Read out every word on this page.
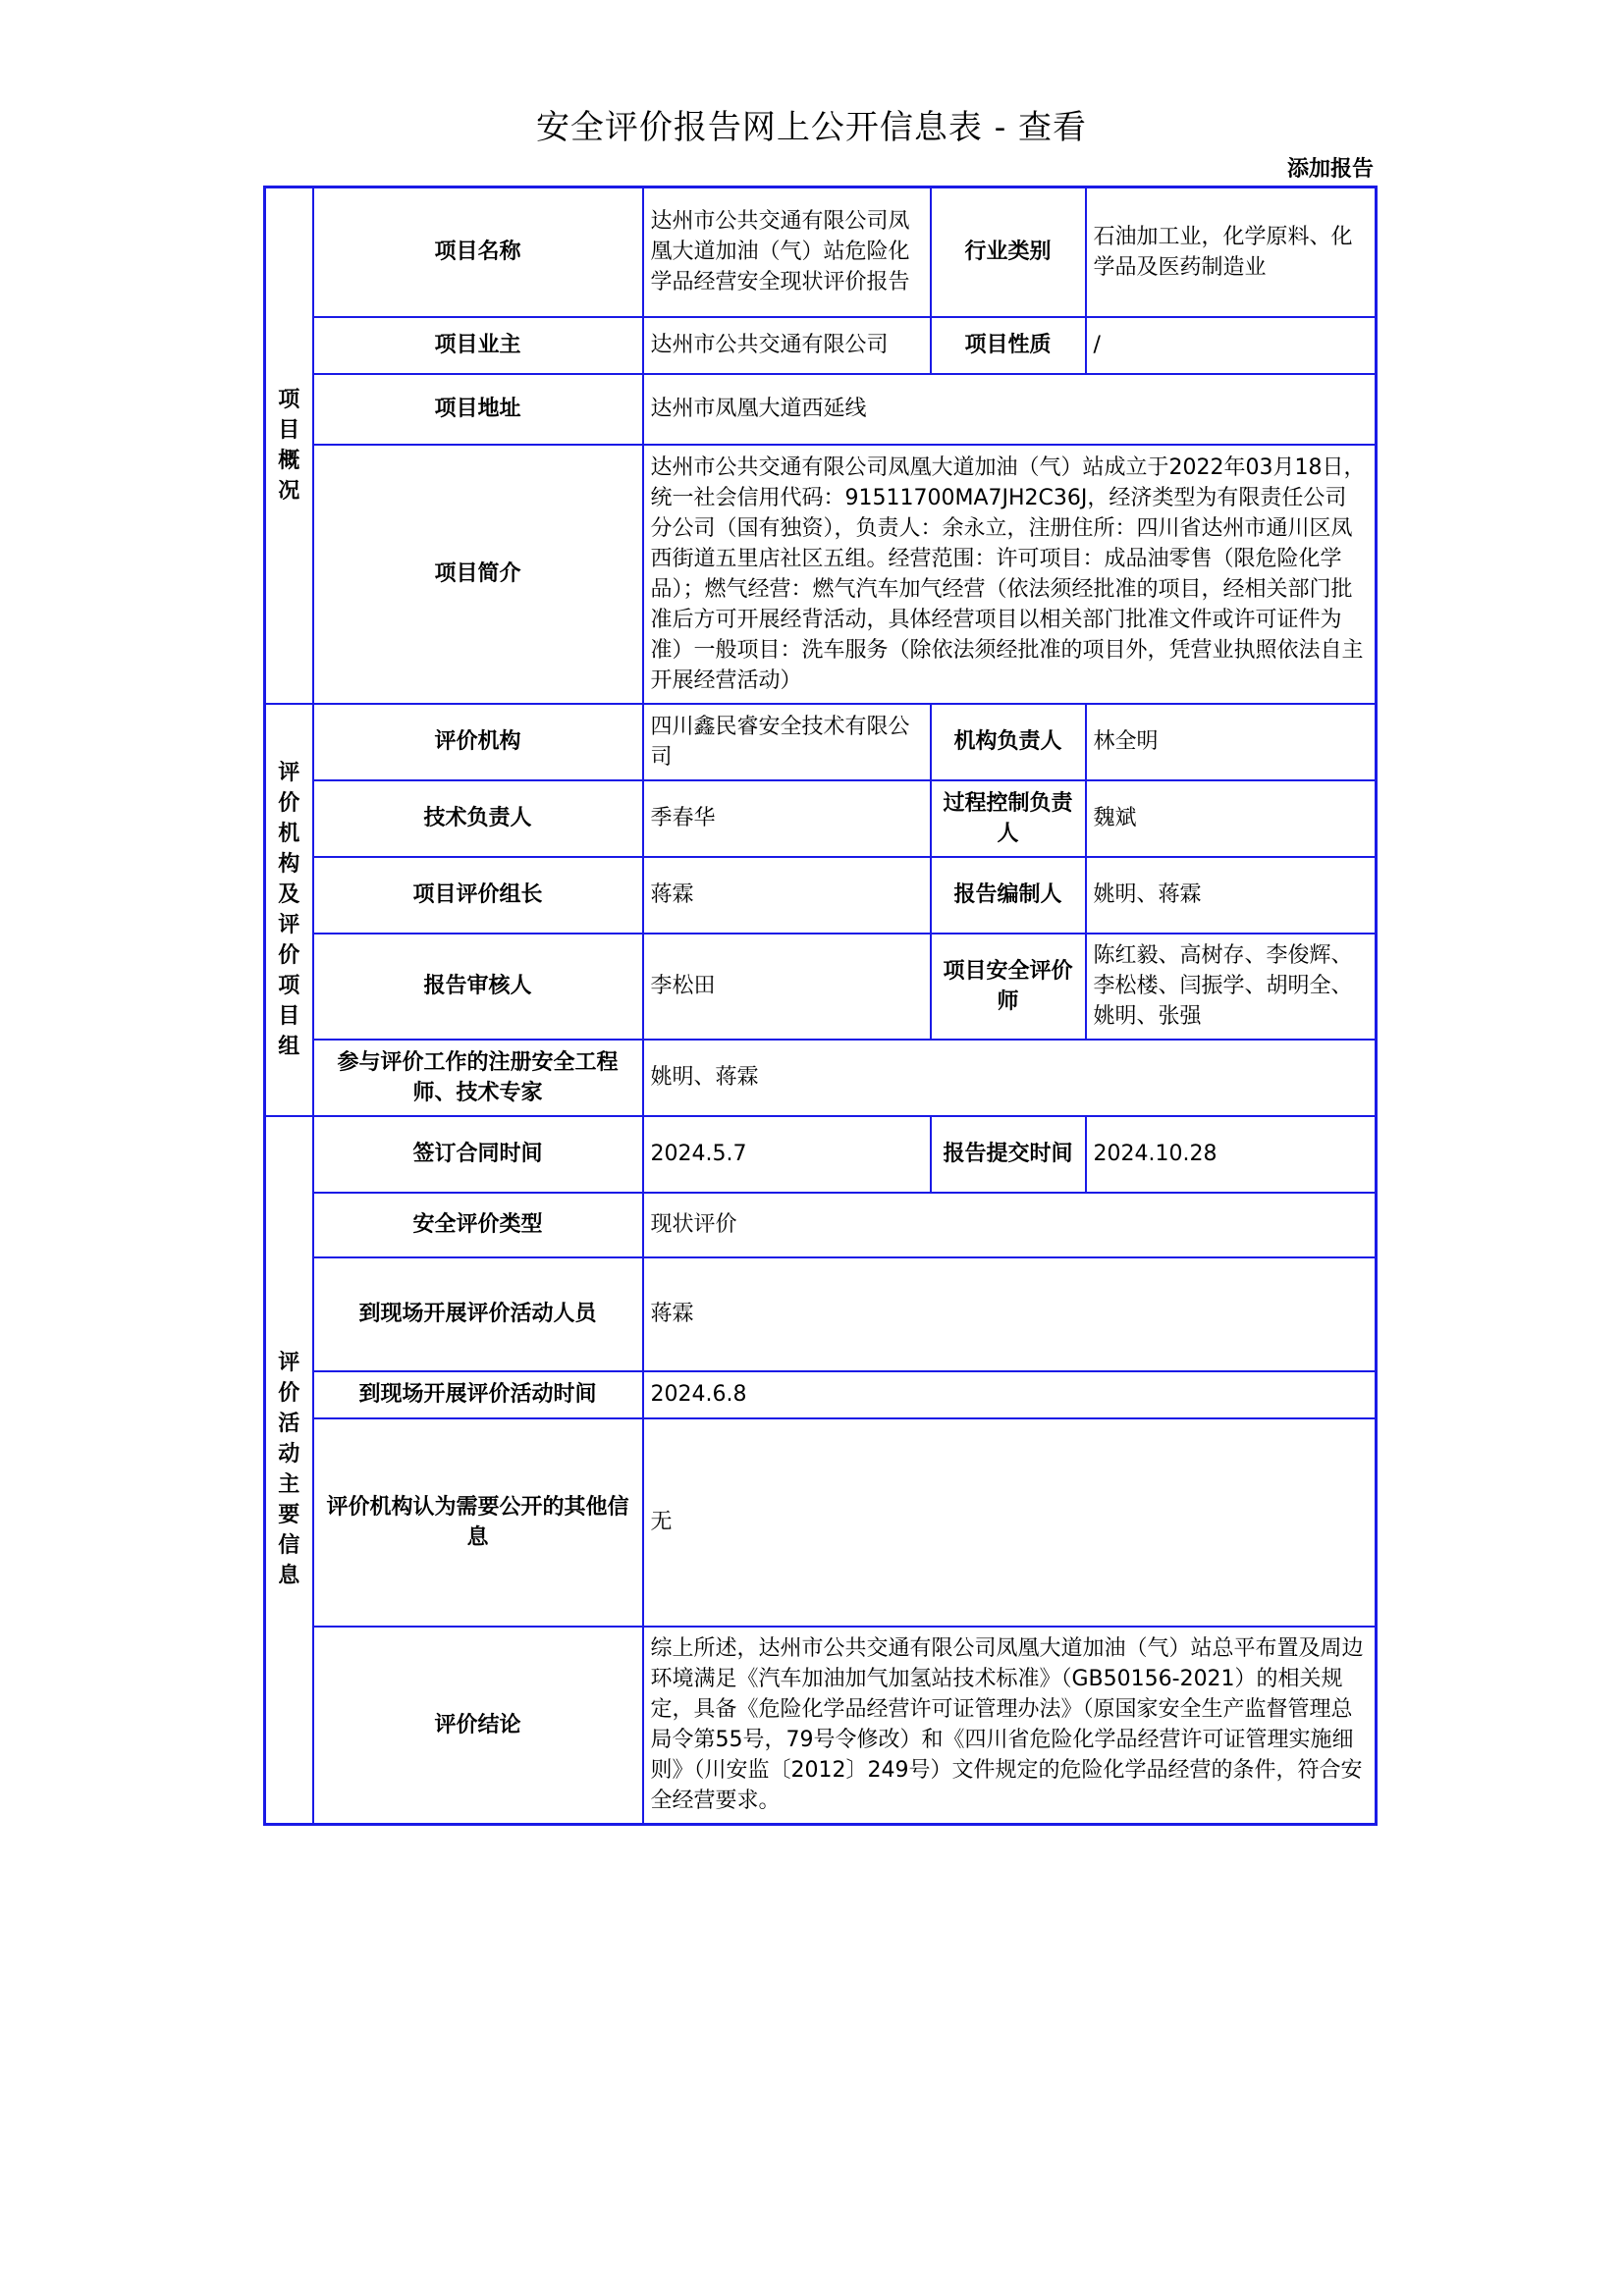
安全评价报告网上公开信息表 - 查看
添加报告
项目概况	项目名称	达州市公共交通有限公司凤凰大道加油（气）站危险化学品经营安全现状评价报告	行业类别	石油加工业，化学原料、化学品及医药制造业
	项目业主	达州市公共交通有限公司	项目性质	/
	项目地址	达州市凤凰大道西延线		
	项目简介	达州市公共交通有限公司凤凰大道加油（气）站成立于2022年03月18日，统一社会信用代码：91511700MA7JH2C36J，经济类型为有限责任公司分公司（国有独资），负责人：余永立，注册住所：四川省达州市通川区凤西街道五里店社区五组。经营范围：许可项目：成品油零售（限危险化学品）；燃气经营：燃气汽车加气经营（依法须经批准的项目，经相关部门批准后方可开展经背活动，具体经营项目以相关部门批准文件或许可证件为准）一般项目：洗车服务（除依法须经批准的项目外，凭营业执照依法自主开展经营活动）		
评价机构及评价项目组	评价机构	四川鑫民睿安全技术有限公司	机构负责人	林全明
	技术负责人	季春华	过程控制负责人	魏斌
	项目评价组长	蒋霖	报告编制人	姚明、蒋霖
	报告审核人	李松田	项目安全评价师	陈红毅、高树存、李俊辉、李松楼、闫振学、胡明全、姚明、张强
	参与评价工作的注册安全工程师、技术专家	姚明、蒋霖		
评价活动主要信息	签订合同时间	2024.5.7	报告提交时间	2024.10.28
	安全评价类型	现状评价		
	到现场开展评价活动人员	蒋霖		
	到现场开展评价活动时间	2024.6.8		
	评价机构认为需要公开的其他信息	无		
	评价结论	综上所述，达州市公共交通有限公司凤凰大道加油（气）站总平布置及周边环境满足《汽车加油加气加氢站技术标准》（GB50156-2021）的相关规定，具备《危险化学品经营许可证管理办法》（原国家安全生产监督管理总局令第55号，79号令修改）和《四川省危险化学品经营许可证管理实施细则》（川安监〔2012〕249号）文件规定的危险化学品经营的条件，符合安全经营要求。		
